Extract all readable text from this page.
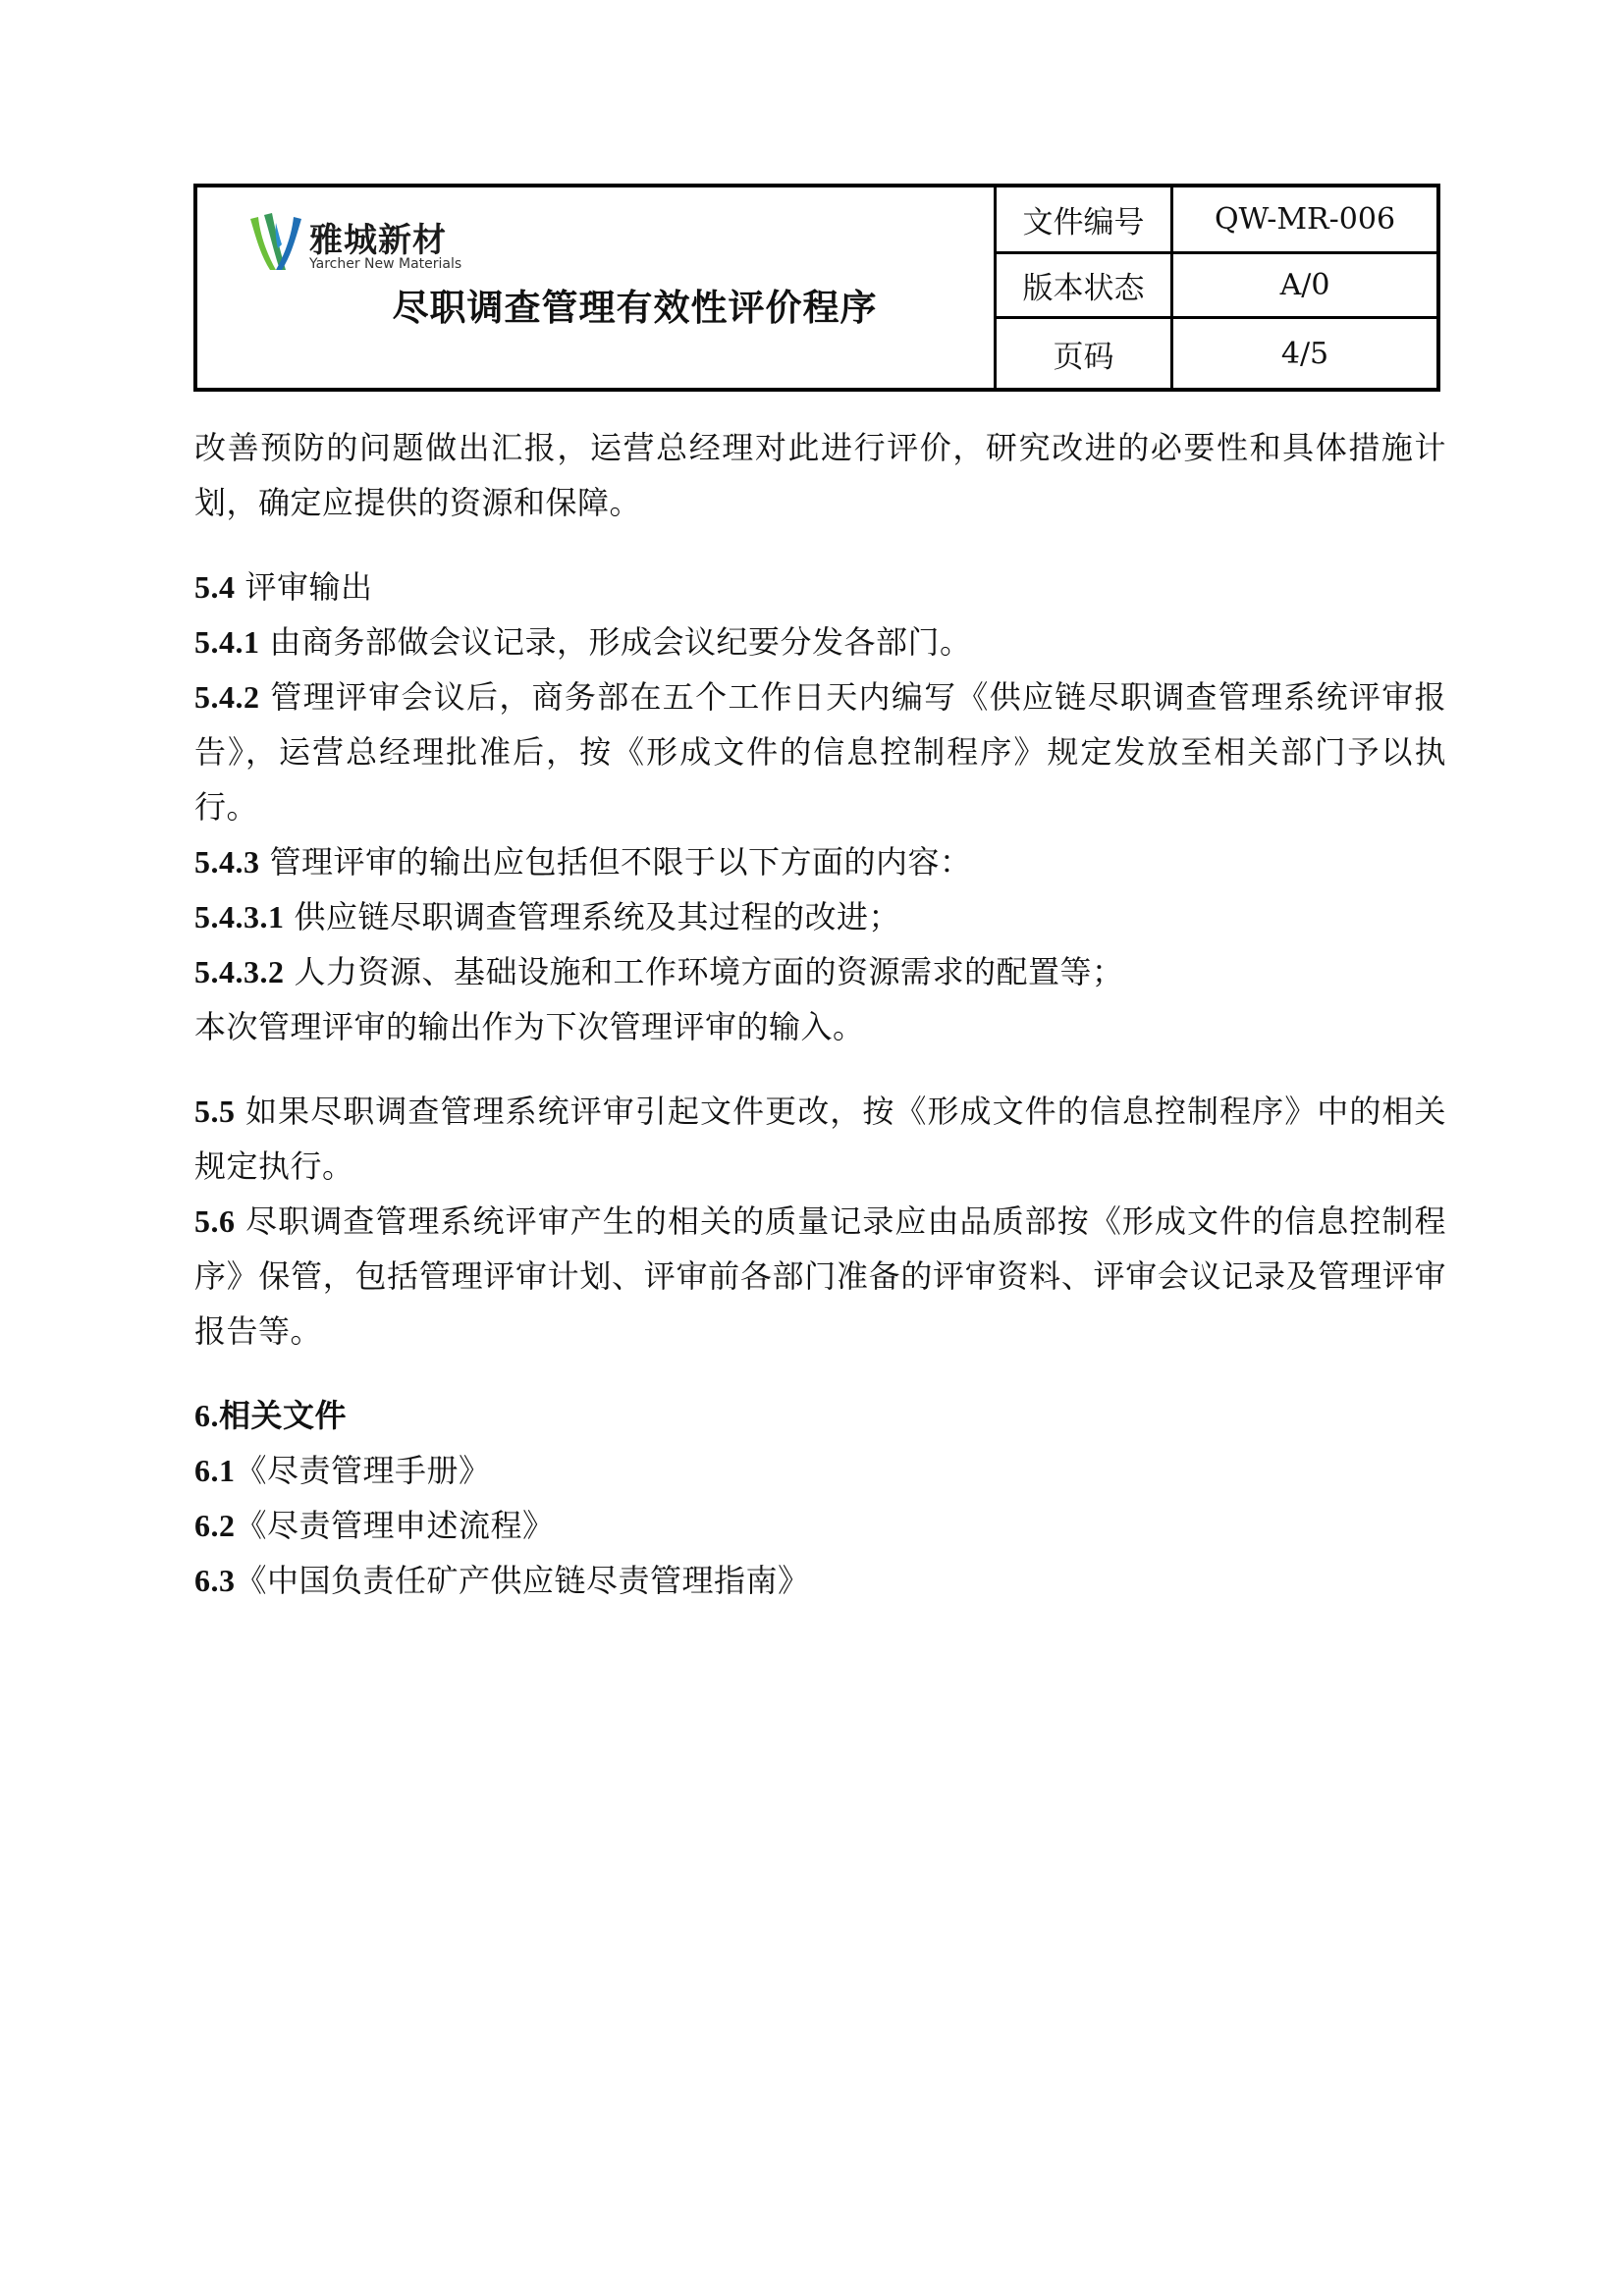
雅城新材
Yarcher New Materials
尽职调查管理有效性评价程序
文件编号	QW-MR-006
版本状态	A/0
页码	4/5

改善预防的问题做出汇报，运营总经理对此进行评价，研究改进的必要性和具体措施计划，确定应提供的资源和保障。

5.4 评审输出

5.4.1 由商务部做会议记录，形成会议纪要分发各部门。

5.4.2 管理评审会议后，商务部在五个工作日天内编写《供应链尽职调查管理系统评审报告》，运营总经理批准后，按《形成文件的信息控制程序》规定发放至相关部门予以执行。

5.4.3 管理评审的输出应包括但不限于以下方面的内容：

5.4.3.1 供应链尽职调查管理系统及其过程的改进；

5.4.3.2 人力资源、基础设施和工作环境方面的资源需求的配置等；

本次管理评审的输出作为下次管理评审的输入。

5.5 如果尽职调查管理系统评审引起文件更改，按《形成文件的信息控制程序》中的相关规定执行。

5.6 尽职调查管理系统评审产生的相关的质量记录应由品质部按《形成文件的信息控制程序》保管，包括管理评审计划、评审前各部门准备的评审资料、评审会议记录及管理评审报告等。

6.相关文件

6.1《尽责管理手册》

6.2《尽责管理申述流程》

6.3《中国负责任矿产供应链尽责管理指南》
